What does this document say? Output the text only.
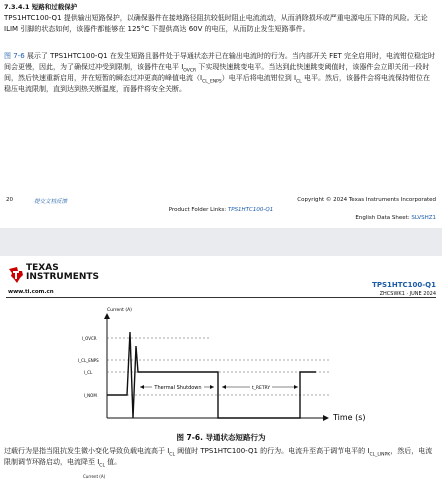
7.3.4.1 短路和过载保护

TPS1HTC100-Q1 提供输出短路保护，以确保器件在接地路径阻抗较低时阻止电流流动，从而消除损坏或严重电源电压下降的风险。无论 ILIM 引脚的状态如何，该器件都能够在 125°C 下提供高达 60V 的电压，从而防止发生短路事件。

图 7-6 展示了 TPS1HTC100-Q1 在发生短路且器件处于导通状态并已在输出电流时的行为。当内部开关 FET 完全启用时，电流钳位稳定时间会更慢，因此，为了确保过冲受到限制，该器件在电平 $I_{OVCR}$ 下实现快速跳变电平。当达到此快速跳变阈值时，该器件会立即关闭一段时间，然后快速重新启用，并在短暂的瞬态过冲更高的峰值电流$(I_{CL\_ENPS})$电平后将电流钳位到 $I_{CL}$ 电平。然后，该器件会将电流保持钳位在稳压电流限制，直到达到热关断温度，而器件将安全关断。

20	提交文档反馈	Copyright © 2024 Texas Instruments Incorporated
Product Folder Links: TPS1HTC100-Q1
English Data Sheet: SLVSHZ1
TEXAS
INSTRUMENTS
www.ti.com.cn
TPS1HTC100-Q1
ZHCSWK1 · JUNE 2024
Current (A)
Time (s)
I_OVCR
I_CL_ENPS
I_CL
I_NOM
Thermal Shutdown	t_RETRY
图 7-6. 导通状态短路行为

过载行为是指当阻抗发生微小变化导致负载电流高于 $I_{CL}$ 阈值时 TPS1HTC100-Q1 的行为。电流升至高于调节电平的 $I_{CL\_LINPK}$，然后，电流限制调节环路启动，电流降至 $I_{CL}$ 值。

Current (A)
